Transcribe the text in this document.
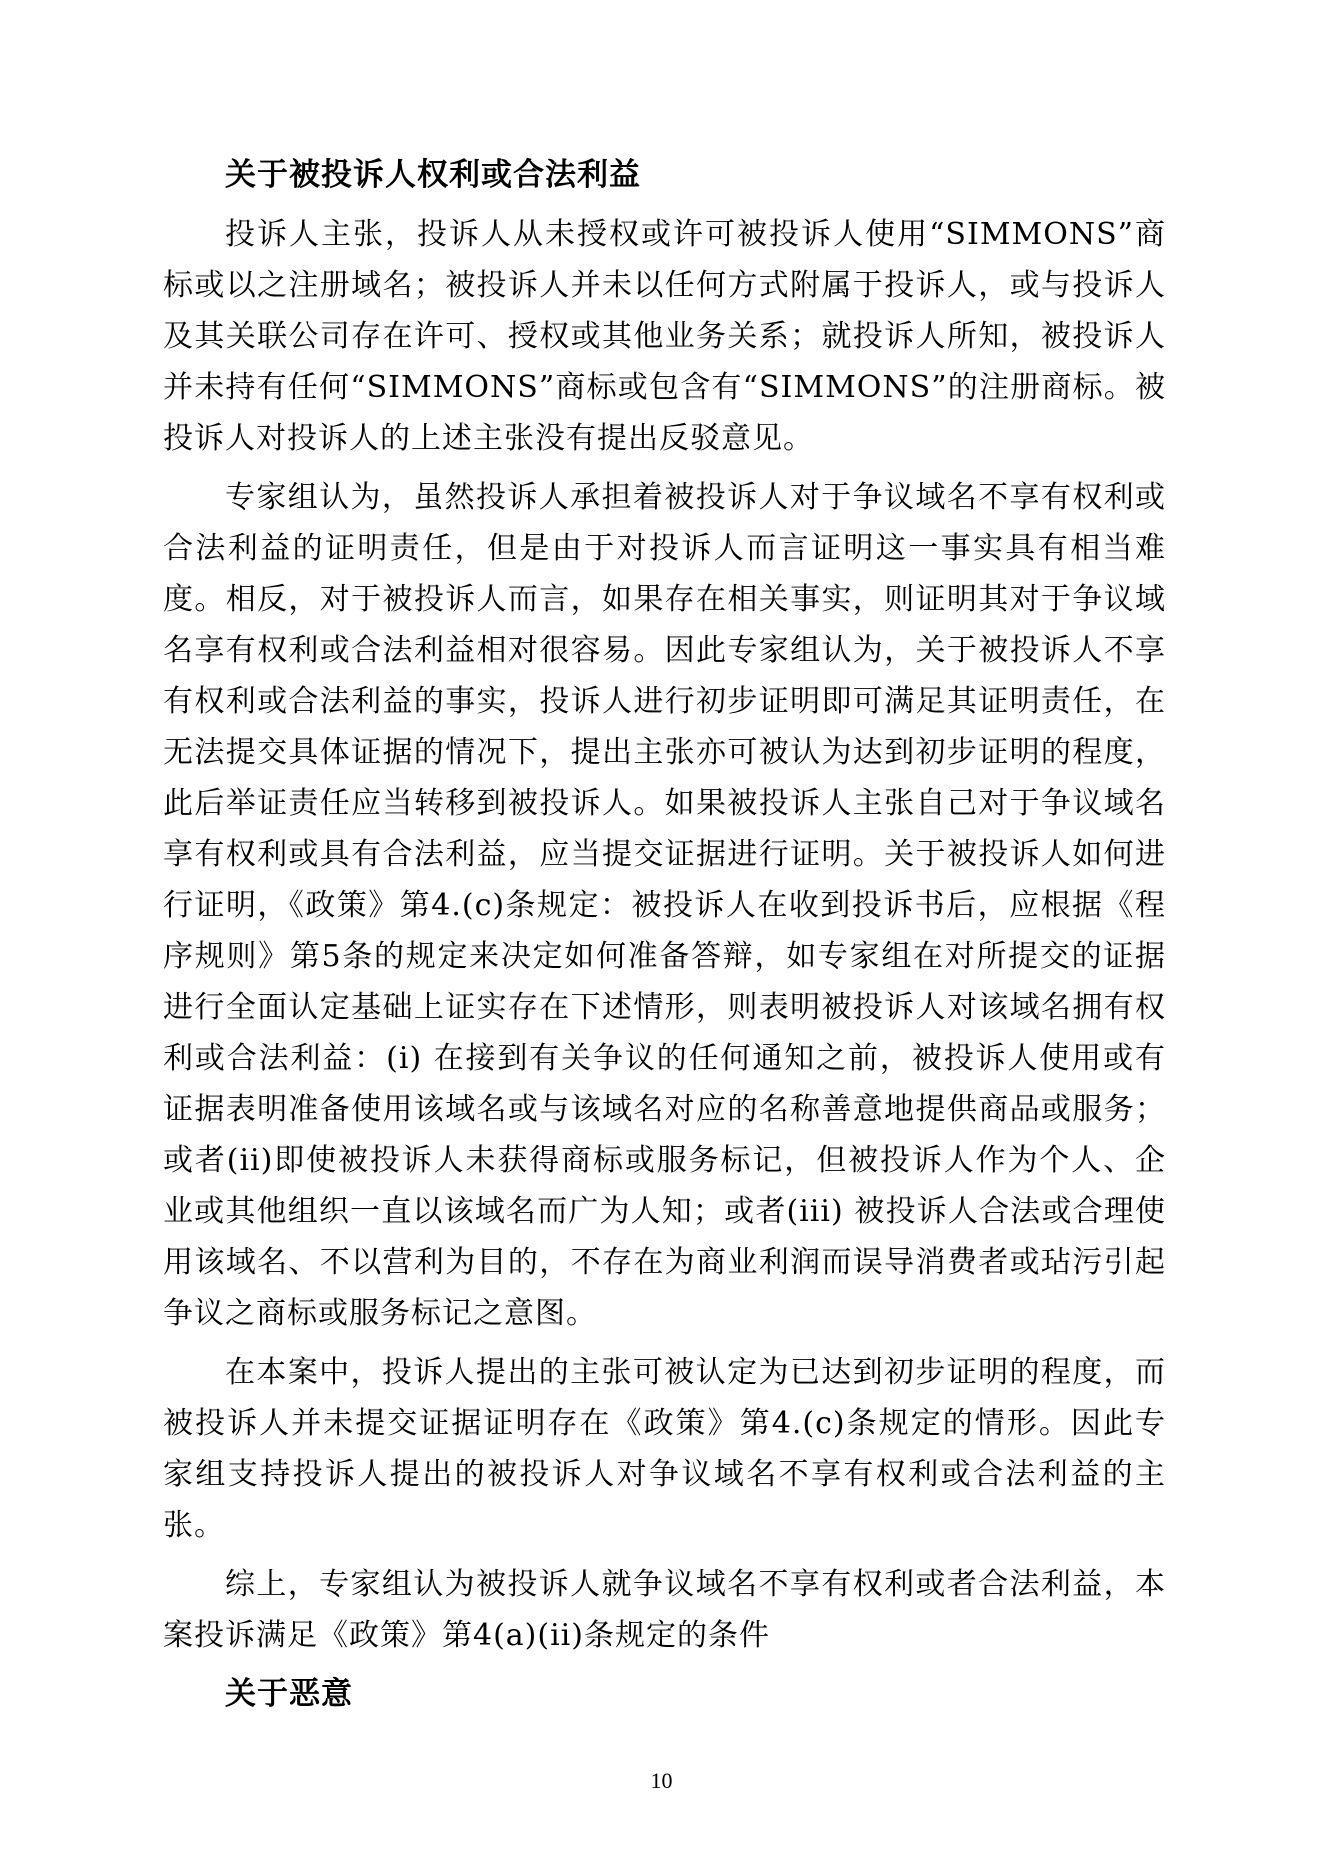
关于被投诉人权利或合法利益

投诉人主张，投诉人从未授权或许可被投诉人使用“SIMMONS”商标或以之注册域名；被投诉人并未以任何方式附属于投诉人，或与投诉人及其关联公司存在许可、授权或其他业务关系；就投诉人所知，被投诉人并未持有任何“SIMMONS”商标或包含有“SIMMONS”的注册商标。被投诉人对投诉人的上述主张没有提出反驳意见。

专家组认为，虽然投诉人承担着被投诉人对于争议域名不享有权利或合法利益的证明责任，但是由于对投诉人而言证明这一事实具有相当难度。相反，对于被投诉人而言，如果存在相关事实，则证明其对于争议域名享有权利或合法利益相对很容易。因此专家组认为，关于被投诉人不享有权利或合法利益的事实，投诉人进行初步证明即可满足其证明责任，在无法提交具体证据的情况下，提出主张亦可被认为达到初步证明的程度，此后举证责任应当转移到被投诉人。如果被投诉人主张自己对于争议域名享有权利或具有合法利益，应当提交证据进行证明。关于被投诉人如何进行证明，《政策》第4.(c)条规定：被投诉人在收到投诉书后，应根据《程序规则》第5条的规定来决定如何准备答辩，如专家组在对所提交的证据进行全面认定基础上证实存在下述情形，则表明被投诉人对该域名拥有权利或合法利益：(i) 在接到有关争议的任何通知之前，被投诉人使用或有证据表明准备使用该域名或与该域名对应的名称善意地提供商品或服务；或者(ii)即使被投诉人未获得商标或服务标记，但被投诉人作为个人、企业或其他组织一直以该域名而广为人知；或者(iii) 被投诉人合法或合理使用该域名、不以营利为目的，不存在为商业利润而误导消费者或玷污引起争议之商标或服务标记之意图。

在本案中，投诉人提出的主张可被认定为已达到初步证明的程度，而被投诉人并未提交证据证明存在《政策》第4.(c)条规定的情形。因此专家组支持投诉人提出的被投诉人对争议域名不享有权利或合法利益的主张。

综上，专家组认为被投诉人就争议域名不享有权利或者合法利益，本案投诉满足《政策》第4(a)(ii)条规定的条件

关于恶意
10
